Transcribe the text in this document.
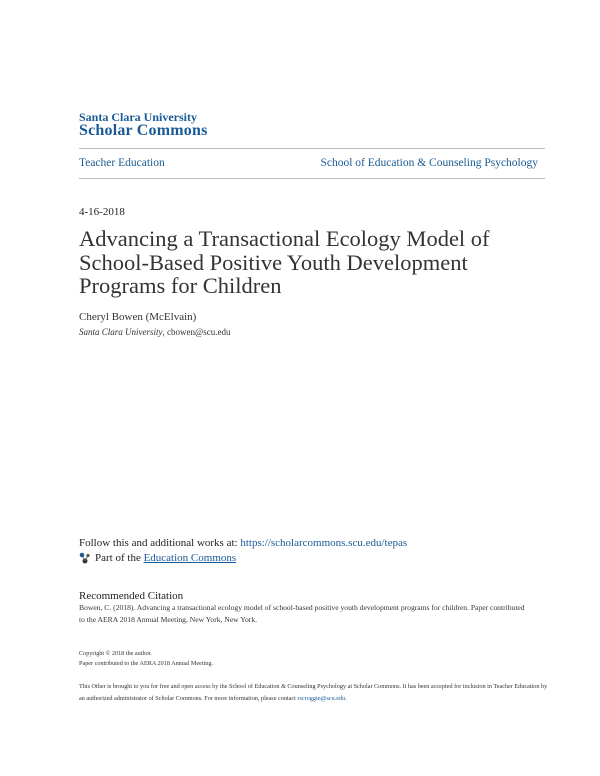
Santa Clara University
Scholar Commons
Teacher Education	School of Education & Counseling Psychology
4-16-2018
Advancing a Transactional Ecology Model of School-Based Positive Youth Development Programs for Children
Cheryl Bowen (McElvain)
Santa Clara University, cbowen@scu.edu
Follow this and additional works at: https://scholarcommons.scu.edu/tepas
Part of the
Education Commons
Recommended Citation
Bowen, C. (2018). Advancing a transactional ecology model of school-based positive youth development programs for children. Paper contributed to the AERA 2018 Annual Meeting, New York, New York.
Copyright © 2018 the author.
Paper contributed to the AERA 2018 Annual Meeting.
This Other is brought to you for free and open access by the School of Education & Counseling Psychology at Scholar Commons. It has been accepted for inclusion in Teacher Education by an authorized administrator of Scholar Commons. For more information, please contact rscroggin@scu.edu.
